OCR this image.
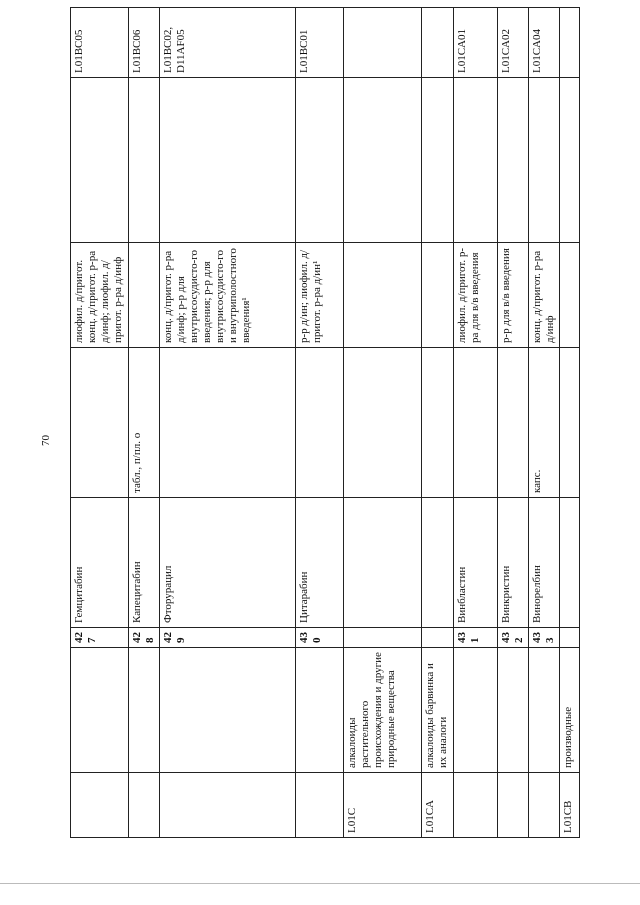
70
		427	Гемцитабин		лиофил. д/пригот. конц. д/пригот. р-ра д/инф; лиофил. д/пригот. р-ра д/инф		L01BC05
		428	Капецитабин	табл., п/пл. о			L01BC06
		429	Фторурацил		конц. д/пригот. р-ра д/инф; р-р для внутрисосудисто-го введения; р-р для внутрисосудисто-го и внутриполостного введения¹		L01BC02, D11AF05
		430	Цитарабин		р-р д/ин; лиофил. д/пригот. р-ра д/ин¹		L01BC01
L01C	алкалоиды растительного происхождения и другие природные вещества						
L01CA	алкалоиды барвинка и их аналоги						
		431	Винбластин		лиофил. д/пригот. р-ра для в/в введения		L01CA01
		432	Винкристин		р-р для в/в введения		L01CA02
		433	Винорелбин	капс.	конц. д/пригот. р-ра д/инф		L01CA04
L01CB	производные						
